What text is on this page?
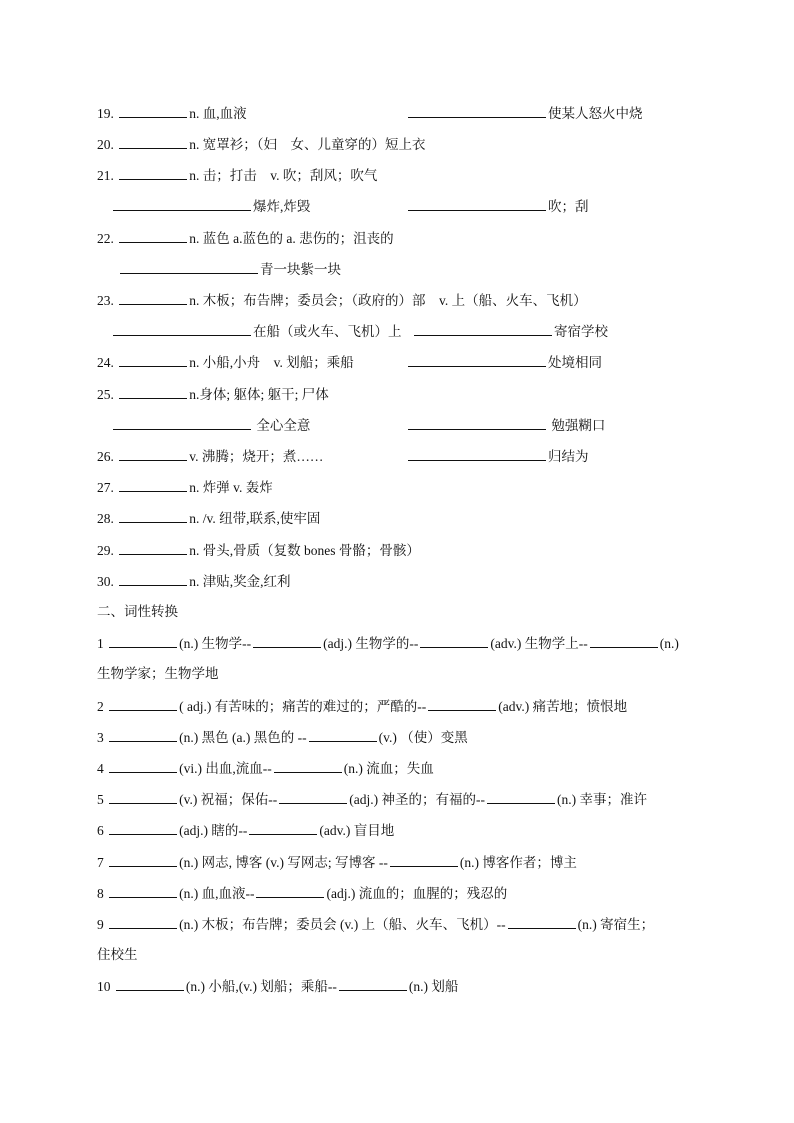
19.	n. 血,血液	使某人怒火中烧
20.	n. 宽罩衫；（妇　女、儿童穿的）短上衣
21.	n. 击；打击　v. 吹；刮风；吹气
爆炸,炸毁	吹；刮
22.	n. 蓝色 a.蓝色的 a. 悲伤的；沮丧的
青一块紫一块
23.	n. 木板；布告牌；委员会；（政府的）部　v. 上（船、火车、飞机）
在船（或火车、飞机）上	寄宿学校
24.	n. 小船,小舟　v. 划船；乘船	处境相同
25.	n.身体; 躯体; 躯干; 尸体
全心全意	勉强糊口
26.	v. 沸腾；烧开；煮……	归结为
27.	n. 炸弹 v. 轰炸
28.	n. /v. 纽带,联系,使牢固
29.	n. 骨头,骨质（复数 bones 骨骼；骨骸）
30.	n. 津贴,奖金,红利
二、词性转换
1	(n.) 生物学--	(adj.) 生物学的--	(adv.) 生物学上--	(n.)
生物学家；生物学地
2	( adj.) 有苦味的；痛苦的难过的；严酷的--	(adv.) 痛苦地；愤恨地
3	(n.) 黑色 (a.) 黑色的 --	(v.) （使）变黑
4	(vi.) 出血,流血--	(n.) 流血；失血
5	(v.) 祝福；保佑--	(adj.) 神圣的；有福的--	(n.) 幸事；准许
6	(adj.) 瞎的--	(adv.) 盲目地
7	(n.) 网志, 博客 (v.) 写网志; 写博客 --	(n.) 博客作者；博主
8	(n.) 血,血液--	(adj.) 流血的；血腥的；残忍的
9	(n.) 木板；布告牌；委员会 (v.) 上（船、火车、飞机）--	(n.) 寄宿生；
住校生
10	(n.) 小船,(v.) 划船；乘船--	(n.) 划船
